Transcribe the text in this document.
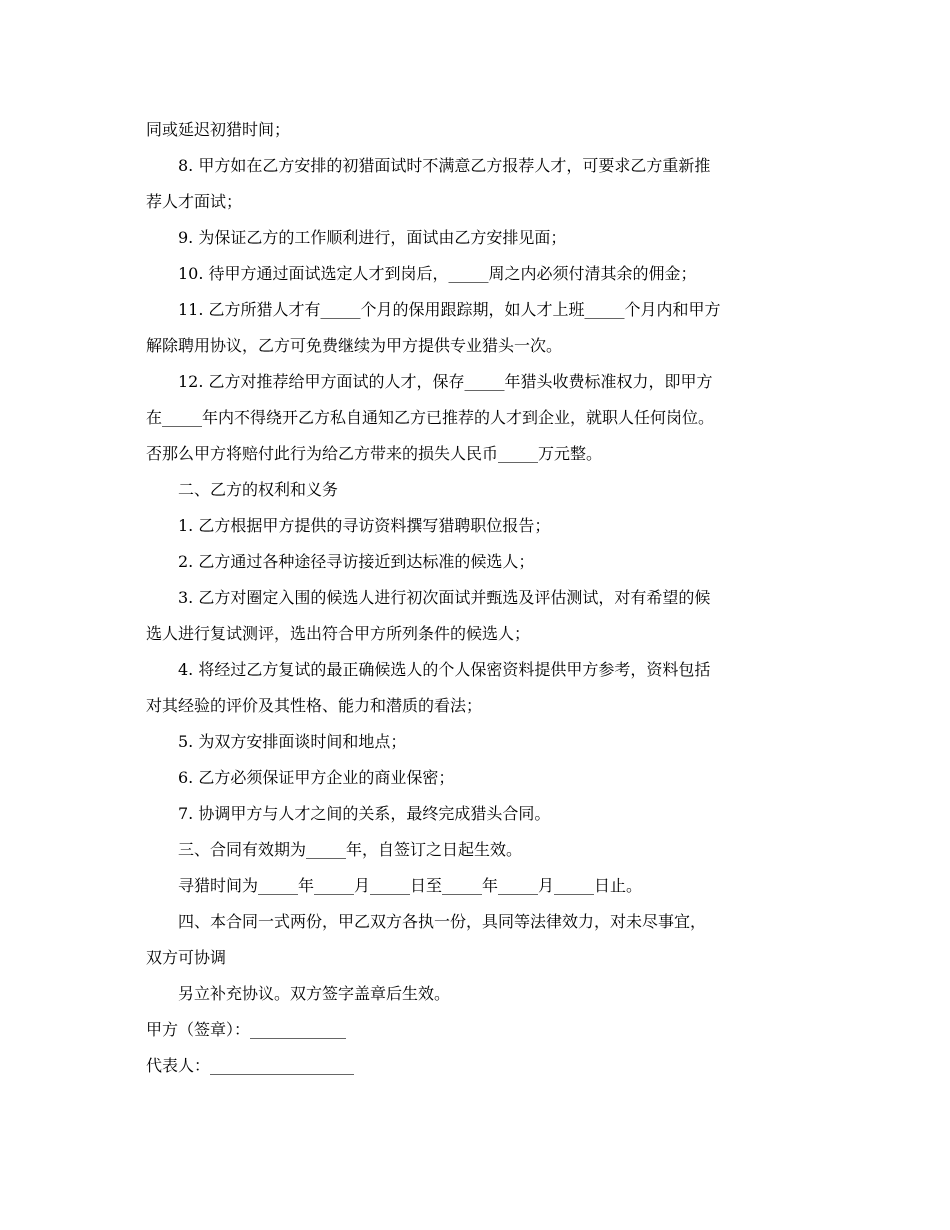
同或延迟初猎时间；
8. 甲方如在乙方安排的初猎面试时不满意乙方报荐人才，可要求乙方重新推
荐人才面试；
9. 为保证乙方的工作顺利进行，面试由乙方安排见面；
10. 待甲方通过面试选定人才到岗后，_____周之内必须付清其余的佣金；
11. 乙方所猎人才有_____个月的保用跟踪期，如人才上班_____个月内和甲方
解除聘用协议，乙方可免费继续为甲方提供专业猎头一次。
12. 乙方对推荐给甲方面试的人才，保存_____年猎头收费标准权力，即甲方
在_____年内不得绕开乙方私自通知乙方已推荐的人才到企业，就职人任何岗位。
否那么甲方将赔付此行为给乙方带来的损失人民币_____万元整。
二、乙方的权利和义务
1. 乙方根据甲方提供的寻访资料撰写猎聘职位报告；
2. 乙方通过各种途径寻访接近到达标准的候选人；
3. 乙方对圈定入围的候选人进行初次面试并甄选及评估测试，对有希望的候
选人进行复试测评，选出符合甲方所列条件的候选人；
4. 将经过乙方复试的最正确候选人的个人保密资料提供甲方参考，资料包括
对其经验的评价及其性格、能力和潜质的看法；
5. 为双方安排面谈时间和地点；
6. 乙方必须保证甲方企业的商业保密；
7. 协调甲方与人才之间的关系，最终完成猎头合同。
三、合同有效期为_____年，自签订之日起生效。
寻猎时间为_____年_____月_____日至_____年_____月_____日止。
四、本合同一式两份，甲乙双方各执一份，具同等法律效力，对未尽事宜，
双方可协调
另立补充协议。双方签字盖章后生效。
甲方（签章）：____________
代表人：__________________
